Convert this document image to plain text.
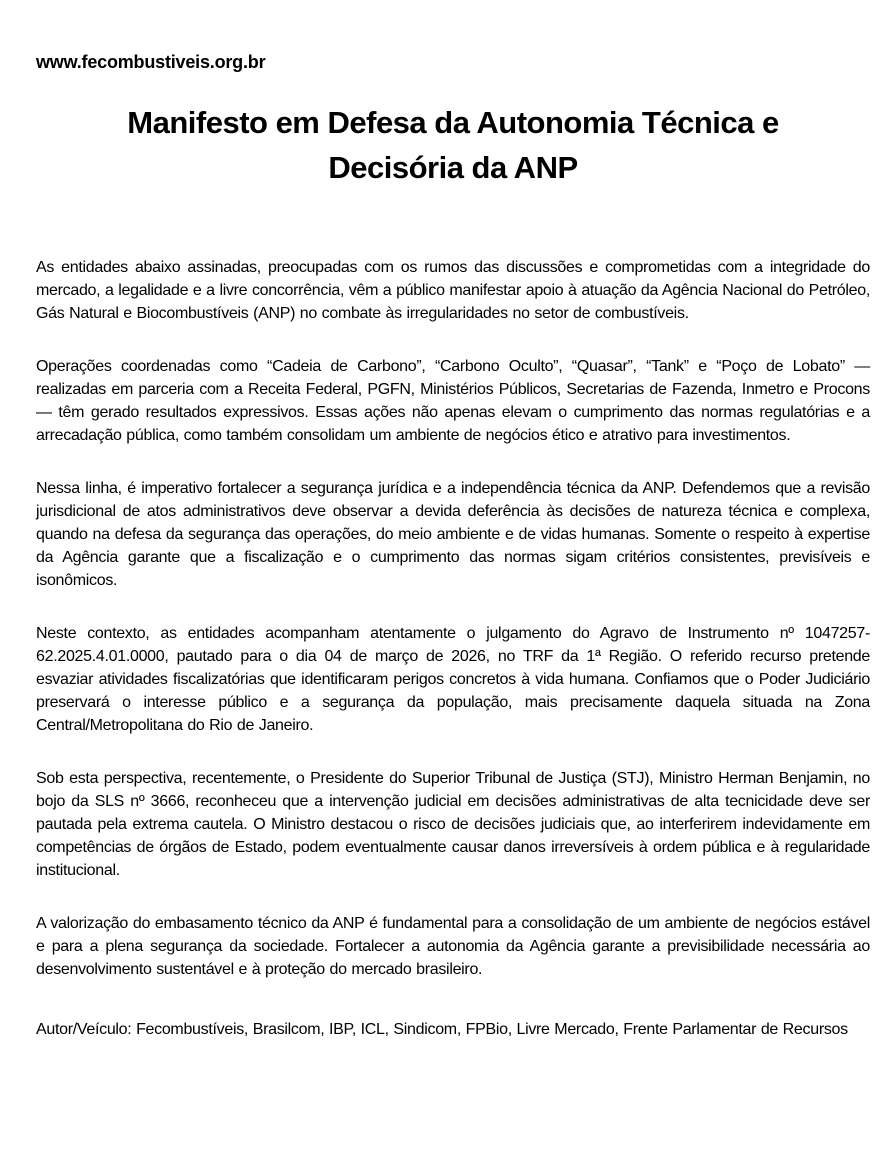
www.fecombustiveis.org.br
Manifesto em Defesa da Autonomia Técnica e Decisória da ANP

As entidades abaixo assinadas, preocupadas com os rumos das discussões e comprometidas com a integridade do mercado, a legalidade e a livre concorrência, vêm a público manifestar apoio à atuação da Agência Nacional do Petróleo, Gás Natural e Biocombustíveis (ANP) no combate às irregularidades no setor de combustíveis.

Operações coordenadas como “Cadeia de Carbono”, “Carbono Oculto”, “Quasar”, “Tank” e “Poço de Lobato” — realizadas em parceria com a Receita Federal, PGFN, Ministérios Públicos, Secretarias de Fazenda, Inmetro e Procons — têm gerado resultados expressivos. Essas ações não apenas elevam o cumprimento das normas regulatórias e a arrecadação pública, como também consolidam um ambiente de negócios ético e atrativo para investimentos.

Nessa linha, é imperativo fortalecer a segurança jurídica e a independência técnica da ANP. Defendemos que a revisão jurisdicional de atos administrativos deve observar a devida deferência às decisões de natureza técnica e complexa, quando na defesa da segurança das operações, do meio ambiente e de vidas humanas. Somente o respeito à expertise da Agência garante que a fiscalização e o cumprimento das normas sigam critérios consistentes, previsíveis e isonômicos.

Neste contexto, as entidades acompanham atentamente o julgamento do Agravo de Instrumento nº 1047257-62.2025.4.01.0000, pautado para o dia 04 de março de 2026, no TRF da 1ª Região. O referido recurso pretende esvaziar atividades fiscalizatórias que identificaram perigos concretos à vida humana. Confiamos que o Poder Judiciário preservará o interesse público e a segurança da população, mais precisamente daquela situada na Zona Central/Metropolitana do Rio de Janeiro.

Sob esta perspectiva, recentemente, o Presidente do Superior Tribunal de Justiça (STJ), Ministro Herman Benjamin, no bojo da SLS nº 3666, reconheceu que a intervenção judicial em decisões administrativas de alta tecnicidade deve ser pautada pela extrema cautela. O Ministro destacou o risco de decisões judiciais que, ao interferirem indevidamente em competências de órgãos de Estado, podem eventualmente causar danos irreversíveis à ordem pública e à regularidade institucional.

A valorização do embasamento técnico da ANP é fundamental para a consolidação de um ambiente de negócios estável e para a plena segurança da sociedade. Fortalecer a autonomia da Agência garante a previsibilidade necessária ao desenvolvimento sustentável e à proteção do mercado brasileiro.

Autor/Veículo: Fecombustíveis, Brasilcom, IBP, ICL, Sindicom, FPBio, Livre Mercado, Frente Parlamentar de Recursos
